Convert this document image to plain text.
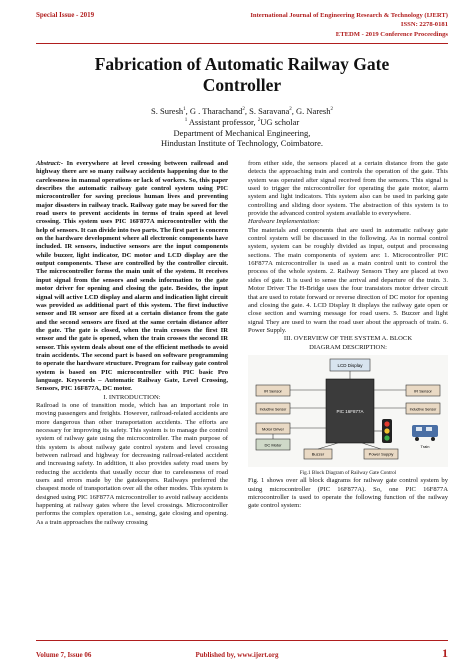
Special Issue - 2019	International Journal of Engineering Research & Technology (IJERT)
ISSN: 2278-0181
ETEDM - 2019 Conference Proceedings
Fabrication of Automatic Railway Gate
Controller
S. Suresh$^1$, G . Tharachand$^2$, S. Saravana$^2$, G. Naresh$^2$
$^1$ Assistant professor, $^2$UG scholar
Department of Mechanical Engineering,
Hindustan Institute of Technology, Coimbatore.

Abstract:- In everywhere at level crossing between railroad and highway there are so many railway accidents happening due to the carelessness in manual operations or lack of workers. So, this paper describes the automatic railway gate control system using PIC microcontroller for saving precious human lives and preventing major disasters in railway track. Railway gate may be saved for the road users to prevent accidents in terms of train speed at level crossing. This system uses PIC 16F877A microcontroller with the help of sensors. It can divide into two parts. The first part is concern on the hardware development where all electronic components have included. IR sensors, inductive sensors are the input components while buzzer, light indicator, DC motor and LCD display are the output components. These are controlled by the controller circuit. The microcontroller forms the main unit of the system. It receives input signal from the sensors and sends information to the gate motor driver for opening and closing the gate. Besides, the input signal will active LCD display and alarm and indication light circuit was provided as additional part of this system. The first inductive sensor and IR sensor are fixed at a certain distance from the gate and the second sensors are fixed at the same certain distance after the gate. The gate is closed, when the train crosses the first IR sensor and the gate is opened, when the train crosses the second IR sensor. This system deals about one of the efficient methods to avoid train accidents. The second part is based on software programming to operate the hardware structure. Program for railway gate control system is based on PIC microcontroller with PIC basic Pro language. Keywords – Automatic Railway Gate, Level Crossing, Sensors, PIC 16F877A, DC motor.

I. INTRODUCTION:

Railroad is one of transition mode, which has an important role in moving passengers and freights. However, railroad-related accidents are more dangerous than other transportation accidents. The efforts are necessary for improving its safety. This system is to manage the control system of railway gate using the microcontroller. The main purpose of this system is about railway gate control system and level crossing between railroad and highway for decreasing railroad-related accident and increasing safety. In addition, it also provides safety road users by reducing the accidents that usually occur due to carelessness of road users and errors made by the gatekeepers. Railways preferred the cheapest mode of transportation over all the other modes. This system is designed using PIC 16F877A microcontroller to avoid railway accidents happening at railway gates where the level crossings. Microcontroller performs the complex operation i.e., sensing, gate closing and opening. As a train approaches the railway crossing

from either side, the sensors placed at a certain distance from the gate detects the approaching train and controls the operation of the gate. This system was operated after signal received from the sensors. This signal is used to trigger the microcontroller for operating the gate motor, alarm system and light indicators. This system also can be used in parking gate controlling and sliding door system. The abstraction of this system is to provide the advanced control system available to everywhere.

Hardware Implementation:

The materials and components that are used in automatic railway gate control system will be discussed in the following. As in normal control system, system can be roughly divided as input, output and processing sections. The main components of system are: 1. Microcontroller PIC 16F877A microcontroller is used as a main control unit to control the process of the whole system. 2. Railway Sensors They are placed at two sides of gate. It is used to sense the arrival and departure of the train. 3. Motor Driver The H-Bridge uses the four transistors motor driver circuit that are used to rotate forward or reverse direction of DC motor for opening and closing the gate. 4. LCD Display It displays the railway gate open or close section and warning message for road users. 5. Buzzer and light signal They are used to warn the road user about the approach of train. 6. Power Supply.

III. OVERVIEW OF THE SYSTEM A. BLOCK

DIAGRAM DESCRIPTION:

LCD Display
PIC 16F877A
IR Sensor
Inductive Sensor
IR Sensor
Inductive Sensor
Motor Driver
DC Motor
Buzzer	Power Supply
Train

Fig.1 Block Diagram of Railway Gate Control

Fig. 1 shows over all block diagrams for railway gate control system by using microcontroller (PIC 16F877A). So, one PIC 16F877A microcontroller is used to operate the following function of the railway gate control system:

Volume 7, Issue 06	Published by, www.ijert.org	1
